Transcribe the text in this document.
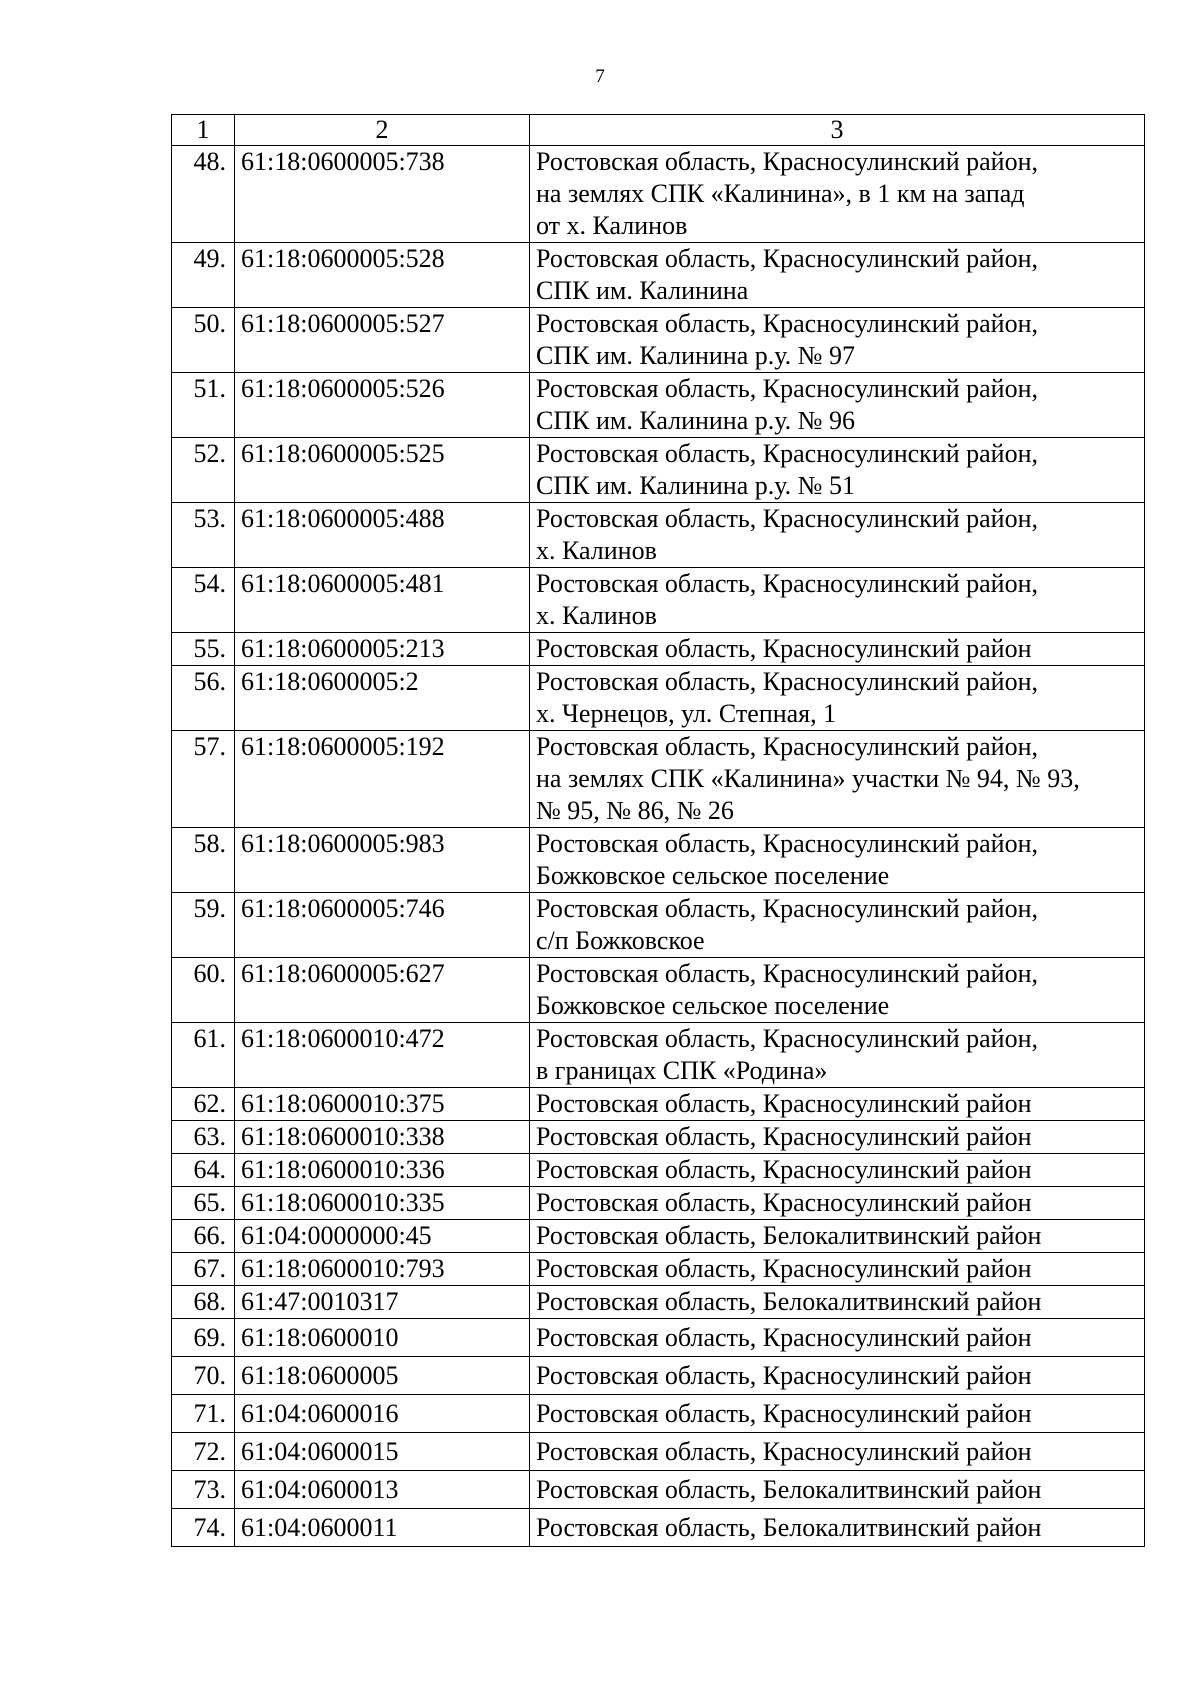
7
1	2	3
48.	61:18:0600005:738	Ростовская область, Красносулинский район,
на землях СПК «Калинина», в 1 км на запад
от х. Калинов

49.	61:18:0600005:528	Ростовская область, Красносулинский район,
СПК им. Калинина

50.	61:18:0600005:527	Ростовская область, Красносулинский район,
СПК им. Калинина р.у. № 97

51.	61:18:0600005:526	Ростовская область, Красносулинский район,
СПК им. Калинина р.у. № 96

52.	61:18:0600005:525	Ростовская область, Красносулинский район,
СПК им. Калинина р.у. № 51

53.	61:18:0600005:488	Ростовская область, Красносулинский район,
х. Калинов

54.	61:18:0600005:481	Ростовская область, Красносулинский район,
х. Калинов

55.	61:18:0600005:213	Ростовская область, Красносулинский район

56.	61:18:0600005:2	Ростовская область, Красносулинский район,
х. Чернецов, ул. Степная, 1

57.	61:18:0600005:192	Ростовская область, Красносулинский район,
на землях СПК «Калинина» участки № 94, № 93,
№ 95, № 86, № 26

58.	61:18:0600005:983	Ростовская область, Красносулинский район,
Божковское сельское поселение

59.	61:18:0600005:746	Ростовская область, Красносулинский район,
с/п Божковское

60.	61:18:0600005:627	Ростовская область, Красносулинский район,
Божковское сельское поселение

61.	61:18:0600010:472	Ростовская область, Красносулинский район,
в границах СПК «Родина»

62.	61:18:0600010:375	Ростовская область, Красносулинский район

63.	61:18:0600010:338	Ростовская область, Красносулинский район

64.	61:18:0600010:336	Ростовская область, Красносулинский район

65.	61:18:0600010:335	Ростовская область, Красносулинский район

66.	61:04:0000000:45	Ростовская область, Белокалитвинский район

67.	61:18:0600010:793	Ростовская область, Красносулинский район

68.	61:47:0010317	Ростовская область, Белокалитвинский район

69.	61:18:0600010	Ростовская область, Красносулинский район

70.	61:18:0600005	Ростовская область, Красносулинский район

71.	61:04:0600016	Ростовская область, Красносулинский район

72.	61:04:0600015	Ростовская область, Красносулинский район

73.	61:04:0600013	Ростовская область, Белокалитвинский район

74.	61:04:0600011	Ростовская область, Белокалитвинский район
